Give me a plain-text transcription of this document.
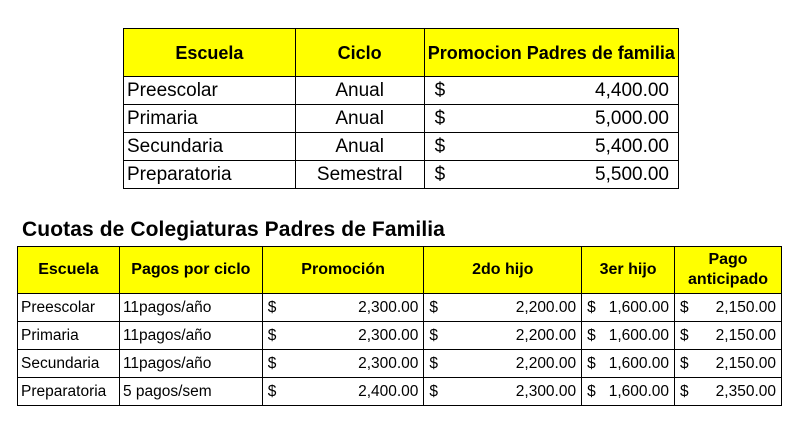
Escuela	Ciclo	Promocion Padres de familia
Preescolar	Anual	$ 4,400.00

Primaria	Anual	$ 5,000.00

Secundaria	Anual	$ 5,400.00

Preparatoria	Semestral	$ 5,500.00
Cuotas de Colegiaturas Padres de Familia
Escuela	Pagos por ciclo	Promoción	2do hijo	3er hijo	Pago anticipado
Preescolar	11pagos/año	$ 2,300.00	$ 2,200.00	$ 1,600.00	$ 2,150.00

Primaria	11pagos/año	$ 2,300.00	$ 2,200.00	$ 1,600.00	$ 2,150.00

Secundaria	11pagos/año	$ 2,300.00	$ 2,200.00	$ 1,600.00	$ 2,150.00

Preparatoria	5 pagos/sem	$ 2,400.00	$ 2,300.00	$ 1,600.00	$ 2,350.00
